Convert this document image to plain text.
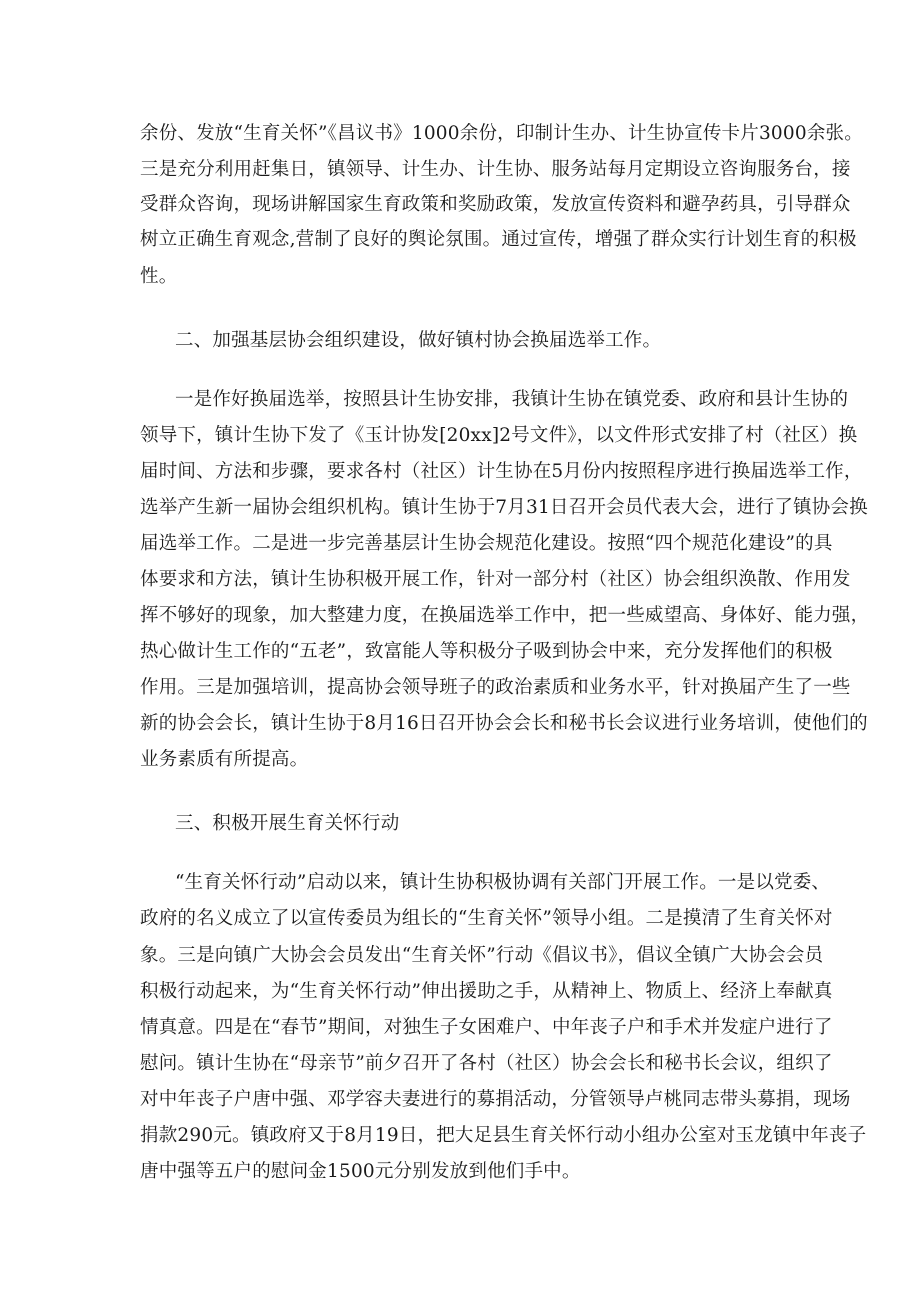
余份、发放“生育关怀”《昌议书》1000余份，印制计生办、计生协宣传卡片3000余张。
三是充分利用赶集日，镇领导、计生办、计生协、服务站每月定期设立咨询服务台，接
受群众咨询，现场讲解国家生育政策和奖励政策，发放宣传资料和避孕药具，引导群众
树立正确生育观念,营制了良好的舆论氛围。通过宣传，增强了群众实行计划生育的积极
性。
二、加强基层协会组织建设，做好镇村协会换届选举工作。
一是作好换届选举，按照县计生协安排，我镇计生协在镇党委、政府和县计生协的
领导下，镇计生协下发了《玉计协发[20xx]2号文件》，以文件形式安排了村（社区）换
届时间、方法和步骤，要求各村（社区）计生协在5月份内按照程序进行换届选举工作，
选举产生新一届协会组织机构。镇计生协于7月31日召开会员代表大会，进行了镇协会换
届选举工作。二是进一步完善基层计生协会规范化建设。按照“四个规范化建设”的具
体要求和方法，镇计生协积极开展工作，针对一部分村（社区）协会组织涣散、作用发
挥不够好的现象，加大整建力度，在换届选举工作中，把一些威望高、身体好、能力强，
热心做计生工作的“五老”，致富能人等积极分子吸到协会中来，充分发挥他们的积极
作用。三是加强培训，提高协会领导班子的政治素质和业务水平，针对换届产生了一些
新的协会会长，镇计生协于8月16日召开协会会长和秘书长会议进行业务培训，使他们的
业务素质有所提高。
三、积极开展生育关怀行动
“生育关怀行动”启动以来，镇计生协积极协调有关部门开展工作。一是以党委、
政府的名义成立了以宣传委员为组长的“生育关怀”领导小组。二是摸清了生育关怀对
象。三是向镇广大协会会员发出“生育关怀”行动《倡议书》，倡议全镇广大协会会员
积极行动起来，为“生育关怀行动”伸出援助之手，从精神上、物质上、经济上奉献真
情真意。四是在“春节”期间，对独生子女困难户、中年丧子户和手术并发症户进行了
慰问。镇计生协在“母亲节”前夕召开了各村（社区）协会会长和秘书长会议，组织了
对中年丧子户唐中强、邓学容夫妻进行的募捐活动，分管领导卢桃同志带头募捐，现场
捐款290元。镇政府又于8月19日，把大足县生育关怀行动小组办公室对玉龙镇中年丧子
唐中强等五户的慰问金1500元分别发放到他们手中。
